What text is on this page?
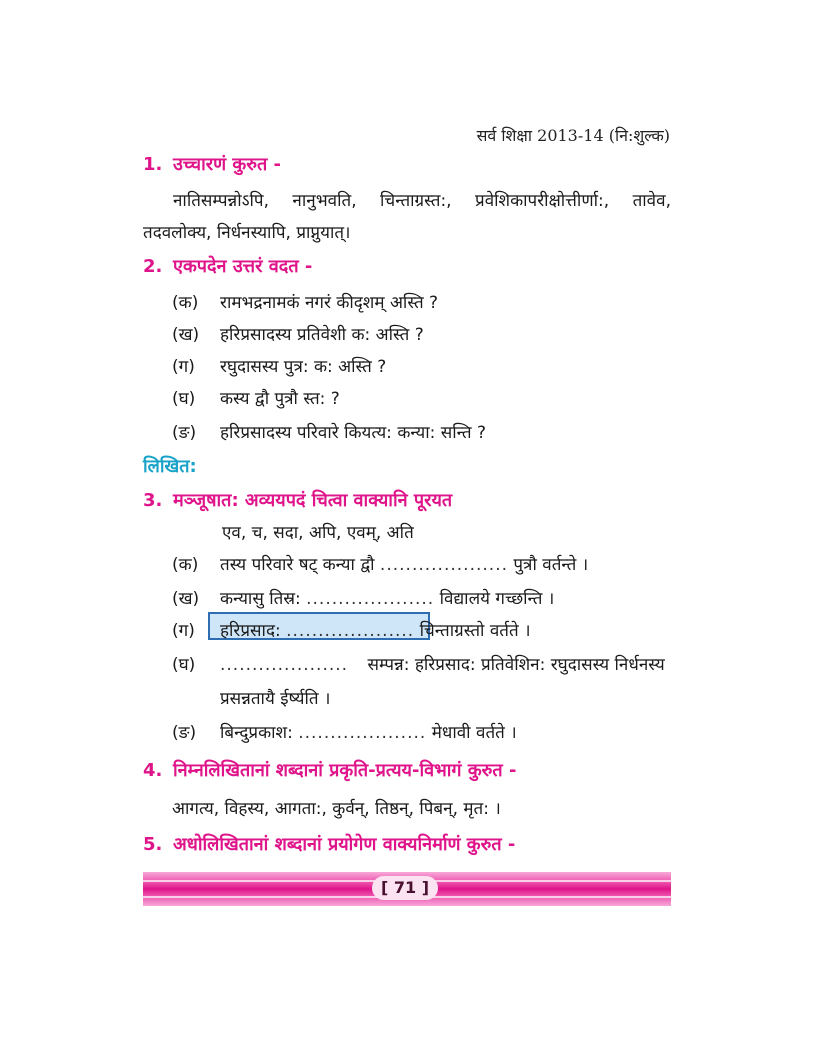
सर्व शिक्षा 2013-14 (नि:शुल्क)
1. उच्चारणं कुरुत -
नातिसम्पन्नोऽपि, नानुभवति, चिन्ताग्रस्त:, प्रवेशिकापरीक्षोत्तीर्णा:, तावेव,
तदवलोक्य, निर्धनस्यापि, प्राप्नुयात्।
2. एकपदेन उत्तरं वदत -
(क) रामभद्रनामकं नगरं कीदृशम् अस्ति ?
(ख) हरिप्रसादस्य प्रतिवेशी क: अस्ति ?
(ग) रघुदासस्य पुत्र: क: अस्ति ?
(घ) कस्य द्वौ पुत्रौ स्त: ?
(ङ) हरिप्रसादस्य परिवारे कियत्य: कन्या: सन्ति ?
लिखित:
3. मञ्जूषात: अव्ययपदं चित्वा वाक्यानि पूरयत
एव, च, सदा, अपि, एवम्, अति
(क) तस्य परिवारे षट् कन्या द्वौ .................... पुत्रौ वर्तन्ते ।
(ख) कन्यासु तिस्र: .................... विद्यालये गच्छन्ति ।
(ग) हरिप्रसाद: .................... चिन्ताग्रस्तो वर्तते ।
(घ) .................... सम्पन्न: हरिप्रसाद: प्रतिवेशिन: रघुदासस्य निर्धनस्य
प्रसन्नतायै ईर्ष्यति ।
(ङ) बिन्दुप्रकाश: .................... मेधावी वर्तते ।
4. निम्नलिखितानां शब्दानां प्रकृति-प्रत्यय-विभागं कुरुत -
आगत्य, विहस्य, आगता:, कुर्वन्, तिष्ठन्, पिबन्, मृत: ।
5. अधोलिखितानां शब्दानां प्रयोगेण वाक्यनिर्माणं कुरुत -
[ 71 ]
